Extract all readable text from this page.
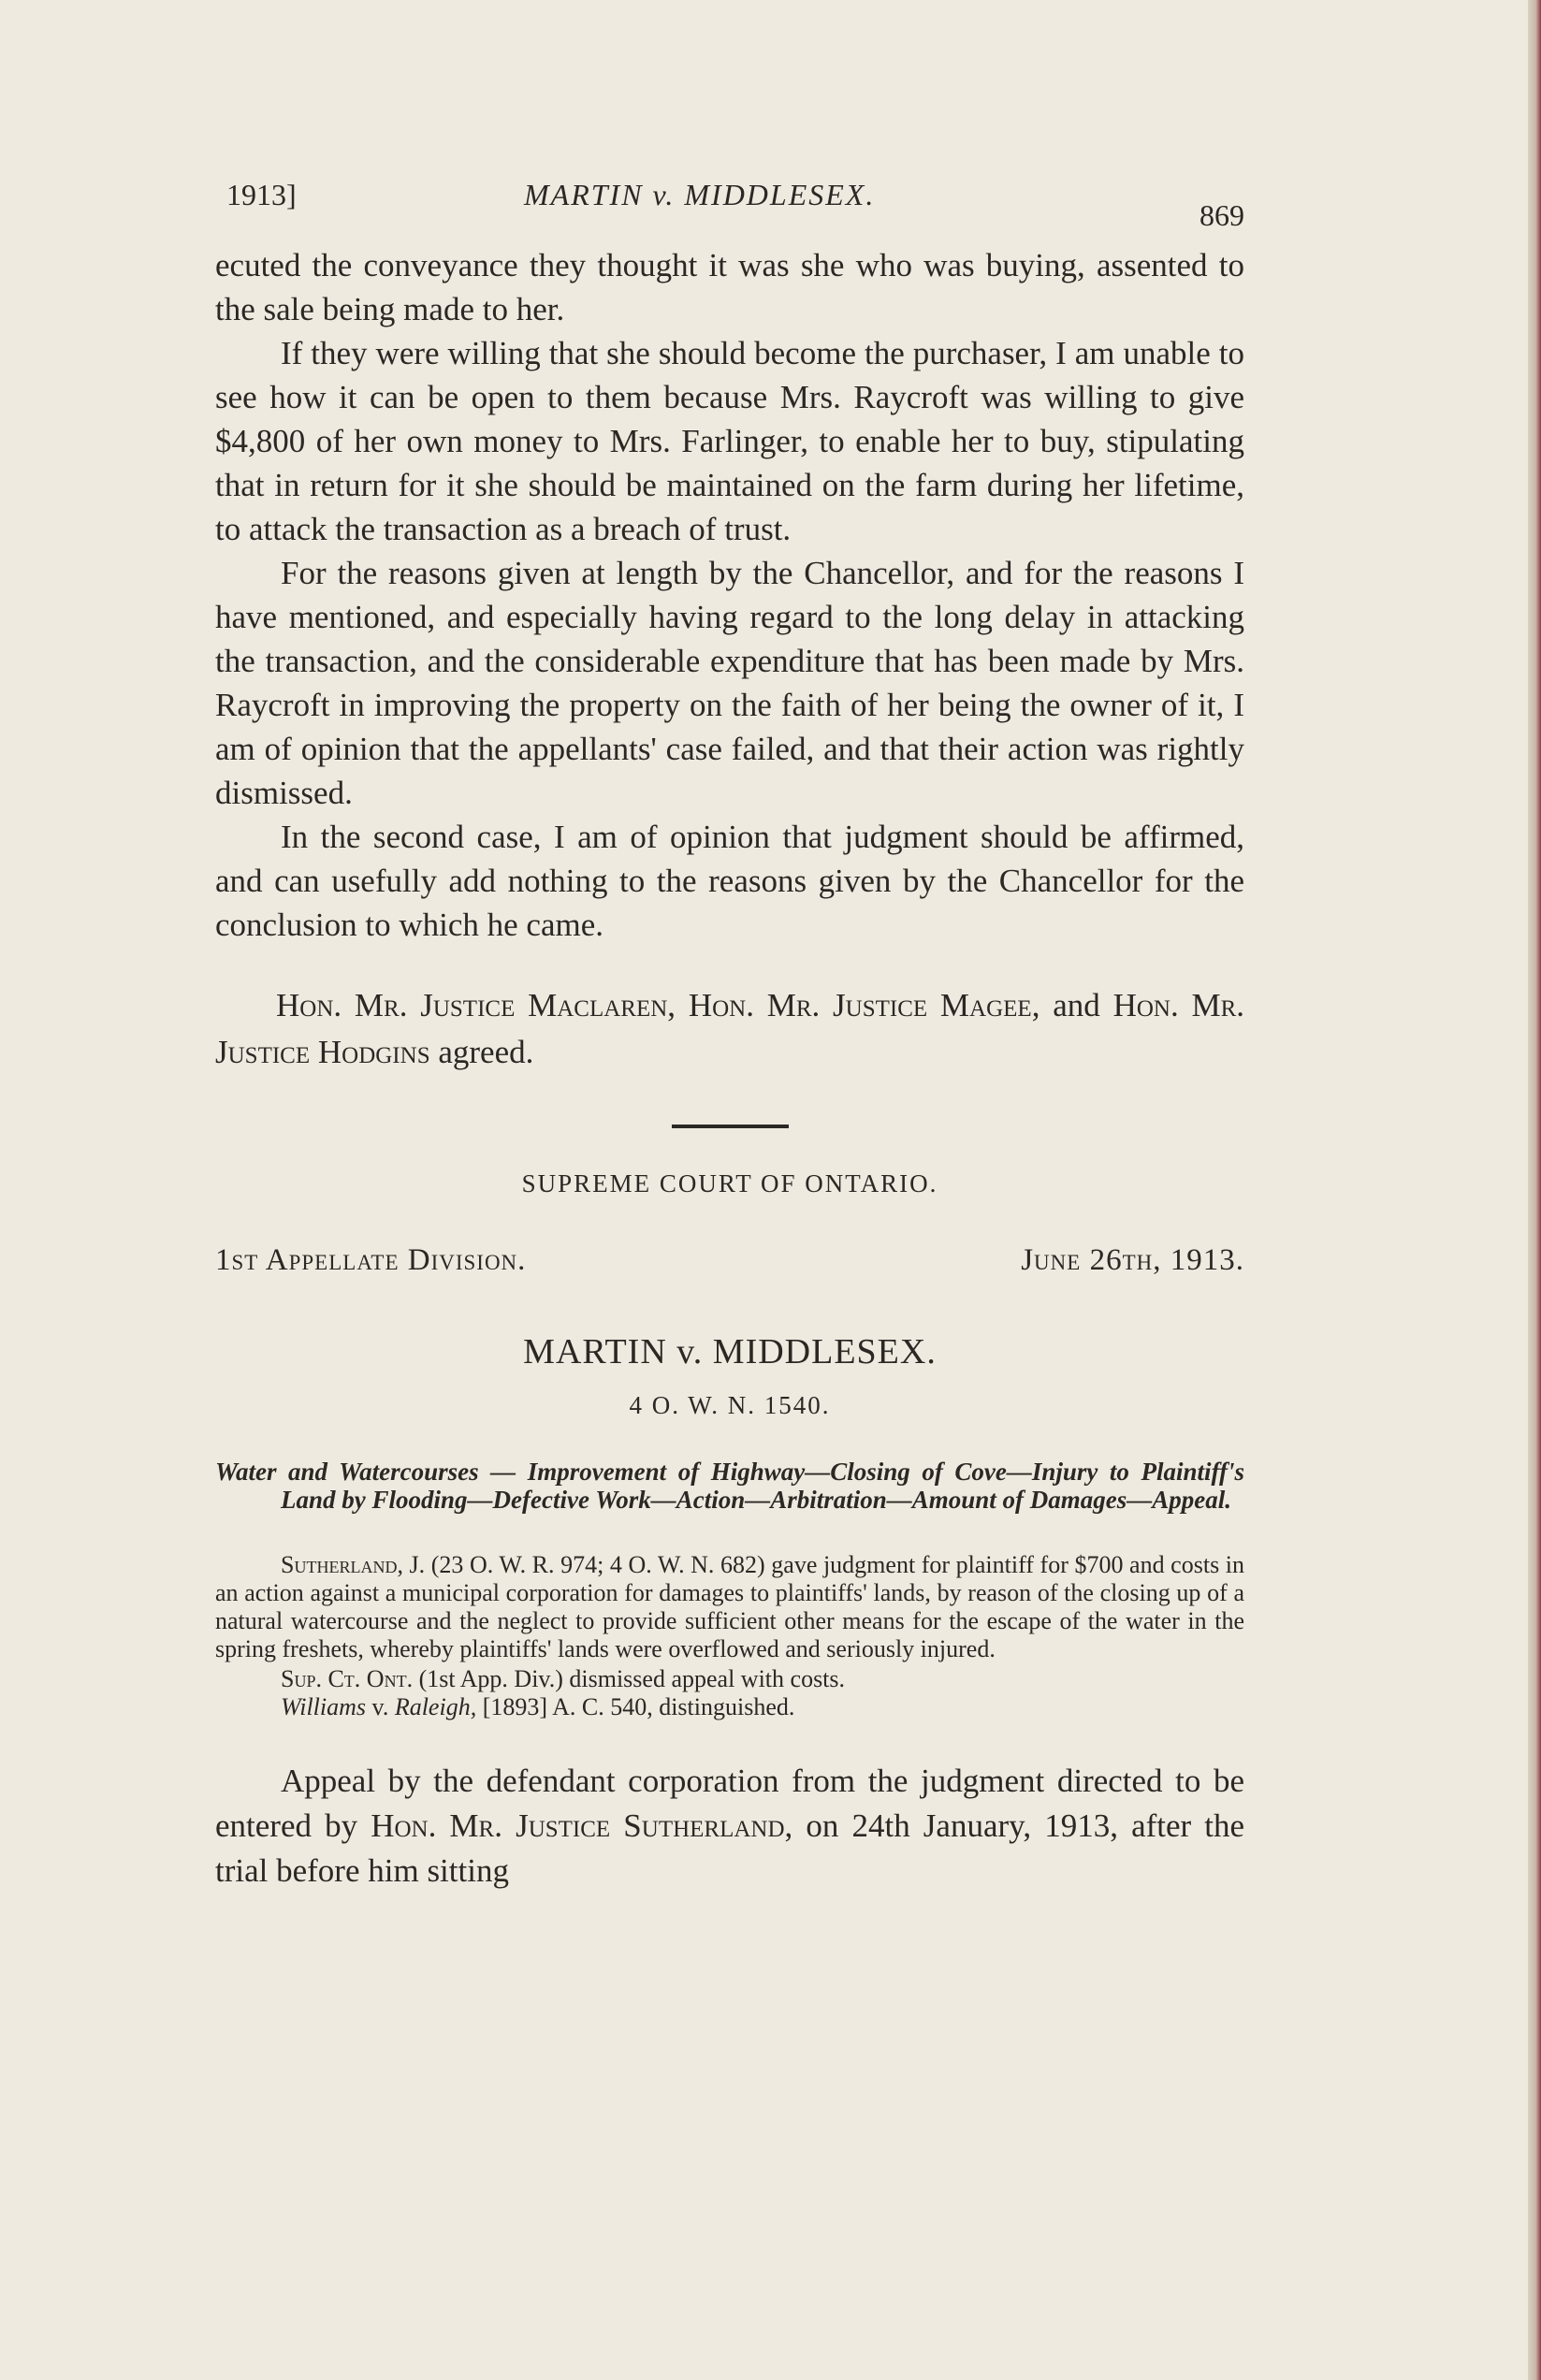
1913]	MARTIN v. MIDDLESEX.
869

ecuted the conveyance they thought it was she who was buying, assented to the sale being made to her.

If they were willing that she should become the purchaser, I am unable to see how it can be open to them because Mrs. Raycroft was willing to give $4,800 of her own money to Mrs. Farlinger, to enable her to buy, stipulating that in return for it she should be maintained on the farm during her lifetime, to attack the transaction as a breach of trust.

For the reasons given at length by the Chancellor, and for the reasons I have mentioned, and especially having regard to the long delay in attacking the transaction, and the considerable expenditure that has been made by Mrs. Raycroft in improving the property on the faith of her being the owner of it, I am of opinion that the appellants' case failed, and that their action was rightly dismissed.

In the second case, I am of opinion that judgment should be affirmed, and can usefully add nothing to the reasons given by the Chancellor for the conclusion to which he came.

Hon. Mr. Justice Maclaren, Hon. Mr. Justice Magee, and Hon. Mr. Justice Hodgins agreed.

SUPREME COURT OF ONTARIO.
1st Appellate Division.	June 26th, 1913.
MARTIN v. MIDDLESEX.
4 O. W. N. 1540.

Water and Watercourses — Improvement of Highway—Closing of Cove—Injury to Plaintiff's Land by Flooding—Defective Work—Action—Arbitration—Amount of Damages—Appeal.

Sutherland, J. (23 O. W. R. 974; 4 O. W. N. 682) gave judgment for plaintiff for $700 and costs in an action against a municipal corporation for damages to plaintiffs' lands, by reason of the closing up of a natural watercourse and the neglect to provide sufficient other means for the escape of the water in the spring freshets, whereby plaintiffs' lands were overflowed and seriously injured.

Sup. Ct. Ont. (1st App. Div.) dismissed appeal with costs.
Williams v. Raleigh, [1893] A. C. 540, distinguished.

Appeal by the defendant corporation from the judgment directed to be entered by Hon. Mr. Justice Sutherland, on 24th January, 1913, after the trial before him sitting
